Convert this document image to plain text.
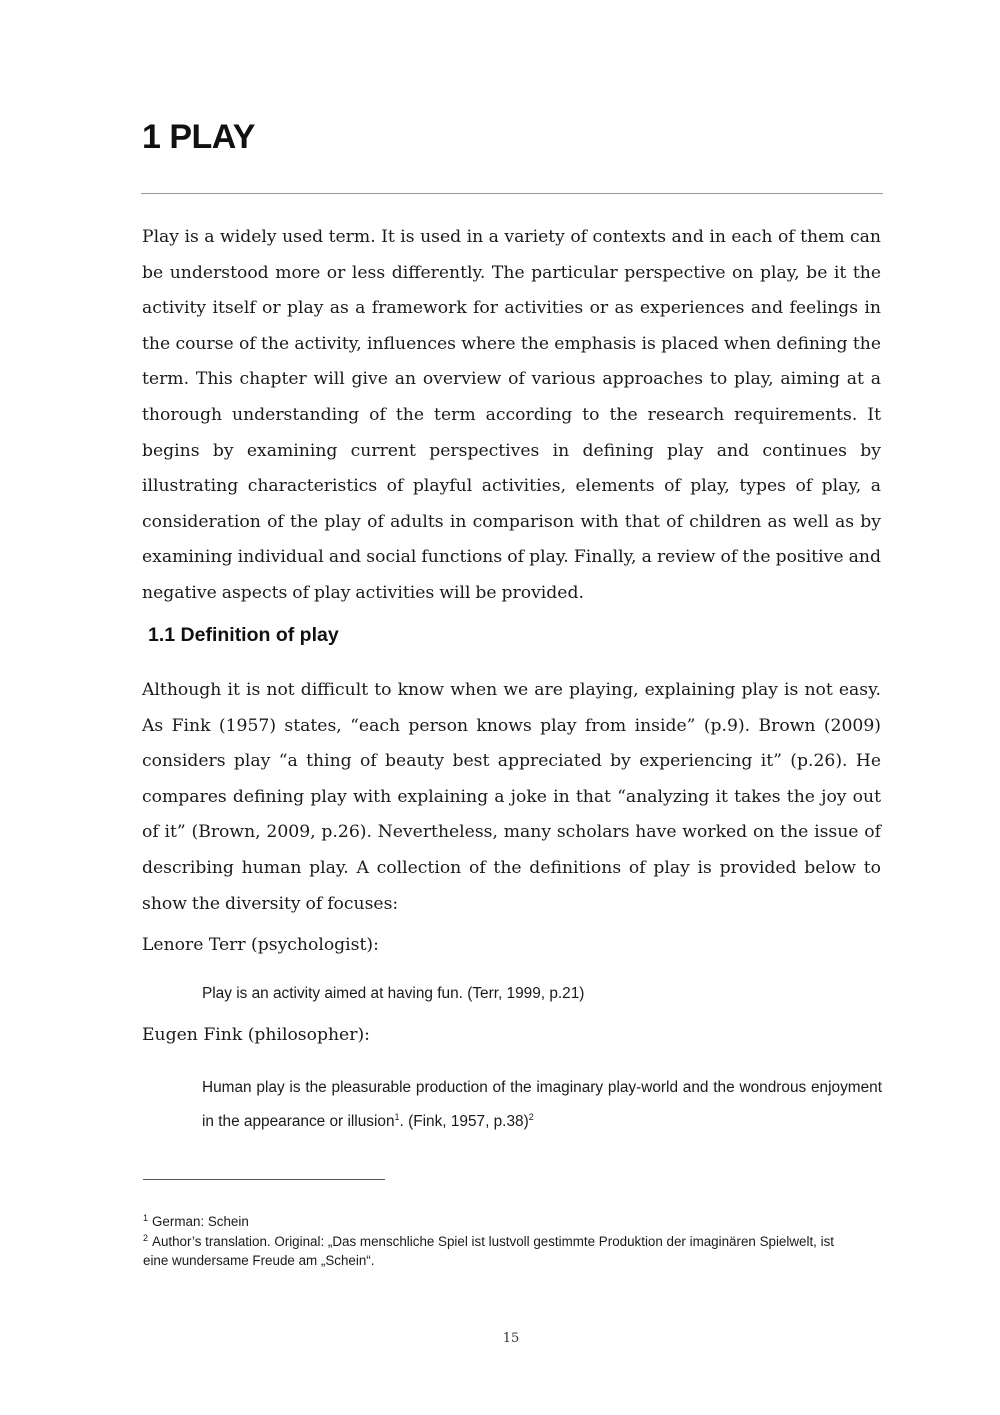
1 PLAY

Play is a widely used term. It is used in a variety of contexts and in each of them can be understood more or less differently. The particular perspective on play, be it the activity itself or play as a framework for activities or as experiences and feelings in the course of the activity, influences where the emphasis is placed when defining the term. This chapter will give an overview of various approaches to play, aiming at a thorough understanding of the term according to the research requirements. It begins by examining current perspectives in defining play and continues by illustrating characteristics of playful activities, elements of play, types of play, a consideration of the play of adults in comparison with that of children as well as by examining individual and social functions of play. Finally, a review of the positive and negative aspects of play activities will be provided.

1.1 Definition of play

Although it is not difficult to know when we are playing, explaining play is not easy. As Fink (1957) states, “each person knows play from inside” (p.9). Brown (2009) considers play “a thing of beauty best appreciated by experiencing it” (p.26). He compares defining play with explaining a joke in that “analyzing it takes the joy out of it” (Brown, 2009, p.26). Nevertheless, many scholars have worked on the issue of describing human play. A collection of the definitions of play is provided below to show the diversity of focuses:

Lenore Terr (psychologist):

Play is an activity aimed at having fun. (Terr, 1999, p.21)

Eugen Fink (philosopher):

Human play is the pleasurable production of the imaginary play-world and the wondrous enjoyment in the appearance or illusion$^1$. (Fink, 1957, p.38)$^2$

$^1$ German: Schein

$^2$ Author’s translation. Original: „Das menschliche Spiel ist lustvoll gestimmte Produktion der imaginären Spielwelt, ist eine wundersame Freude am „Schein“.

15
